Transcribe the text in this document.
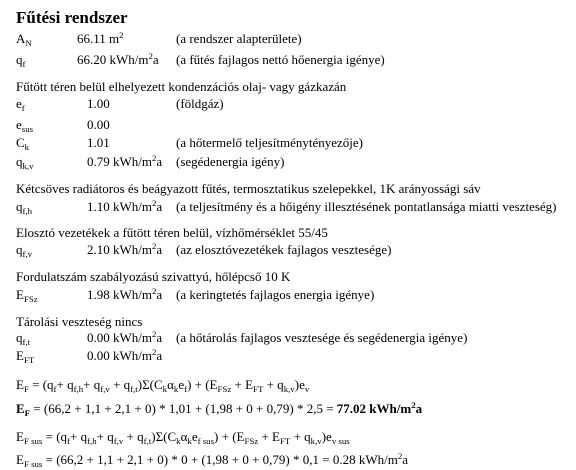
Fűtési rendszer
$A_N$	66.11 $m^2$	(a rendszer alapterülete)
$q_f$	66.20 kWh/$m^2a$ (a fűtés fajlagos nettó hőenergia igénye)
Fűtött téren belül elhelyezett kondenzációs olaj- vagy gázkazán
$e_f$	1.00	(földgáz)
$e_{sus}$	0.00
$C_k$	1.01	(a hőtermelő teljesítménytényezője)
$q_{k,v}$	0.79 kWh/$m^2a$ (segédenergia igény)
Kétcsöves radiátoros és beágyazott fűtés, termosztatikus szelepekkel, 1K arányossági sáv
$q_{f,h}$	1.10 kWh/$m^2a$ (a teljesítmény és a hőigény illesztésének pontatlansága miatti veszteség)
Elosztó vezetékek a fűtött téren belül, vízhőmérséklet 55/45
$q_{f,v}$	2.10 kWh/$m^2a$ (az elosztóvezetékek fajlagos vesztesége)
Fordulatszám szabályozású szivattyú, hőlépcső 10 K
$E_{FSz}$	1.98 kWh/$m^2a$ (a keringtetés fajlagos energia igénye)
Tárolási veszteség nincs
$q_{f,t}$	0.00 kWh/$m^2a$ (a hőtárolás fajlagos vesztesége és segédenergia igénye)
$E_{FT}$	0.00 kWh/$m^2a$
$E_F = (q_f+ q_{f,h}+ q_{f,v} + q_{f,t})\Sigma(C_k\alpha_ke_f) + (E_{FSz} + E_{FT} + q_{k,v})e_v$
$E_F = (66,2 + 1,1 + 2,1 + 0) * 1,01 + (1,98 + 0 + 0,79) * 2,5 = 77.02$ kWh/$m^2a$
$E_{F sus} = (q_f+ q_{f,h}+ q_{f,v} + q_{f,t})\Sigma(C_k\alpha_ke_{f sus}) + (E_{FSz} + E_{FT} + q_{k,v})e_{v sus}$
$E_{F sus} = (66,2 + 1,1 + 2,1 + 0) * 0 + (1,98 + 0 + 0,79) * 0,1 = 0.28$ kWh/$m^2a$
